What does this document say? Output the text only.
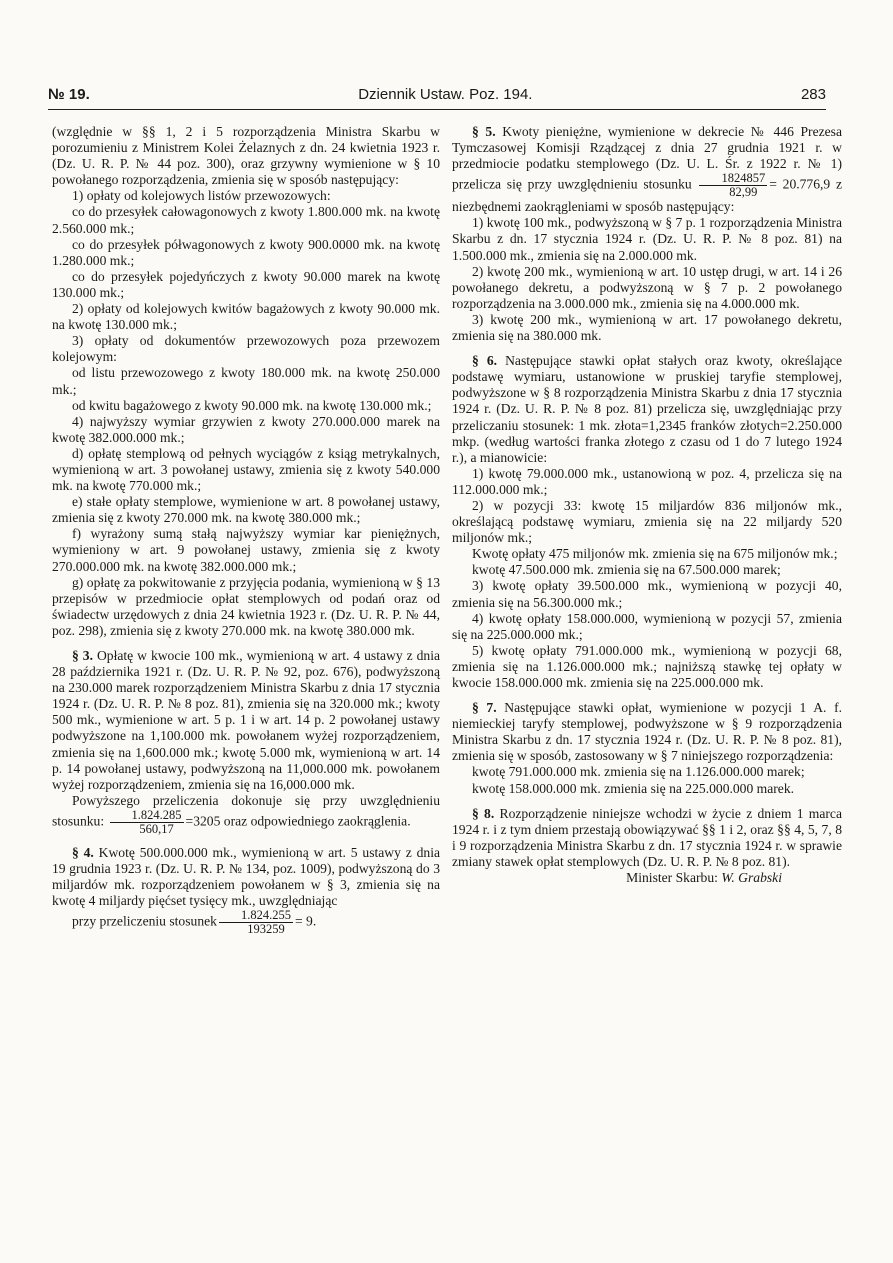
№ 19.	Dziennik Ustaw. Poz. 194.	283

(względnie w §§ 1, 2 i 5 rozporządzenia Ministra Skarbu w porozumieniu z Ministrem Kolei Żelaznych z dn. 24 kwietnia 1923 r. (Dz. U. R. P. № 44 poz. 300), oraz grzywny wymienione w § 10 powołanego rozporządzenia, zmienia się w sposób następujący:

1) opłaty od kolejowych listów przewozowych:

co do przesyłek całowagonowych z kwoty 1.800.000 mk. na kwotę 2.560.000 mk.;

co do przesyłek półwagonowych z kwoty 900.0000 mk. na kwotę 1.280.000 mk.;

co do przesyłek pojedyńczych z kwoty 90.000 marek na kwotę 130.000 mk.;

2) opłaty od kolejowych kwitów bagażowych z kwoty 90.000 mk. na kwotę 130.000 mk.;

3) opłaty od dokumentów przewozowych poza przewozem kolejowym:

od listu przewozowego z kwoty 180.000 mk. na kwotę 250.000 mk.;

od kwitu bagażowego z kwoty 90.000 mk. na kwotę 130.000 mk.;

4) najwyższy wymiar grzywien z kwoty 270.000.000 marek na kwotę 382.000.000 mk.;

d) opłatę stemplową od pełnych wyciągów z ksiąg metrykalnych, wymienioną w art. 3 powołanej ustawy, zmienia się z kwoty 540.000 mk. na kwotę 770.000 mk.;

e) stałe opłaty stemplowe, wymienione w art. 8 powołanej ustawy, zmienia się z kwoty 270.000 mk. na kwotę 380.000 mk.;

f) wyrażony sumą stałą najwyższy wymiar kar pieniężnych, wymieniony w art. 9 powołanej ustawy, zmienia się z kwoty 270.000.000 mk. na kwotę 382.000.000 mk.;

g) opłatę za pokwitowanie z przyjęcia podania, wymienioną w § 13 przepisów w przedmiocie opłat stemplowych od podań oraz od świadectw urzędowych z dnia 24 kwietnia 1923 r. (Dz. U. R. P. № 44, poz. 298), zmienia się z kwoty 270.000 mk. na kwotę 380.000 mk.

§ 3. Opłatę w kwocie 100 mk., wymienioną w art. 4 ustawy z dnia 28 października 1921 r. (Dz. U. R. P. № 92, poz. 676), podwyższoną na 230.000 marek rozporządzeniem Ministra Skarbu z dnia 17 stycznia 1924 r. (Dz. U. R. P. № 8 poz. 81), zmienia się na 320.000 mk.; kwoty 500 mk., wymienione w art. 5 p. 1 i w art. 14 p. 2 powołanej ustawy podwyższone na 1,100.000 mk. powołanem wyżej rozporządzeniem, zmienia się na 1,600.000 mk.; kwotę 5.000 mk, wymienioną w art. 14 p. 14 powołanej ustawy, podwyższoną na 11,000.000 mk. powołanem wyżej rozporządzeniem, zmienia się na 16,000.000 mk.

Powyższego przeliczenia dokonuje się przy uwzględnieniu stosunku: $\frac{1.824.285}{560,17} =3205$ oraz odpowiedniego zaokrąglenia.

§ 4. Kwotę 500.000.000 mk., wymienioną w art. 5 ustawy z dnia 19 grudnia 1923 r. (Dz. U. R. P. № 134, poz. 1009), podwyższoną do 3 miljardów mk. rozporządzeniem powołanem w § 3, zmienia się na kwotę 4 miljardy pięćset tysięcy mk., uwzględniając

przy przeliczeniu stosunek $\frac{1.824.255}{193259} = 9$.

§ 5. Kwoty pieniężne, wymienione w dekrecie № 446 Prezesa Tymczasowej Komisji Rządzącej z dnia 27 grudnia 1921 r. w przedmiocie podatku stemplowego (Dz. U. L. Śr. z 1922 r. № 1) przelicza się przy uwzględnieniu stosunku $\frac{1824857}{82,99} = 20.776,9$ z niezbędnemi zaokrągleniami w sposób następujący:

1) kwotę 100 mk., podwyższoną w § 7 p. 1 rozporządzenia Ministra Skarbu z dn. 17 stycznia 1924 r. (Dz. U. R. P. № 8 poz. 81) na 1.500.000 mk., zmienia się na 2.000.000 mk.

2) kwotę 200 mk., wymienioną w art. 10 ustęp drugi, w art. 14 i 26 powołanego dekretu, a podwyższoną w § 7 p. 2 powołanego rozporządzenia na 3.000.000 mk., zmienia się na 4.000.000 mk.

3) kwotę 200 mk., wymienioną w art. 17 powołanego dekretu, zmienia się na 380.000 mk.

§ 6. Następujące stawki opłat stałych oraz kwoty, określające podstawę wymiaru, ustanowione w pruskiej taryfie stemplowej, podwyższone w § 8 rozporządzenia Ministra Skarbu z dnia 17 stycznia 1924 r. (Dz. U. R. P. № 8 poz. 81) przelicza się, uwzględniając przy przeliczaniu stosunek: 1 mk. złota=1,2345 franków złotych=2.250.000 mkp. (według wartości franka złotego z czasu od 1 do 7 lutego 1924 r.), a mianowicie:

1) kwotę 79.000.000 mk., ustanowioną w poz. 4, przelicza się na 112.000.000 mk.;

2) w pozycji 33: kwotę 15 miljardów 836 miljonów mk., określającą podstawę wymiaru, zmienia się na 22 miljardy 520 miljonów mk.;

Kwotę opłaty 475 miljonów mk. zmienia się na 675 miljonów mk.;

kwotę 47.500.000 mk. zmienia się na 67.500.000 marek;

3) kwotę opłaty 39.500.000 mk., wymienioną w pozycji 40, zmienia się na 56.300.000 mk.;

4) kwotę opłaty 158.000.000, wymienioną w pozycji 57, zmienia się na 225.000.000 mk.;

5) kwotę opłaty 791.000.000 mk., wymienioną w pozycji 68, zmienia się na 1.126.000.000 mk.; najniższą stawkę tej opłaty w kwocie 158.000.000 mk. zmienia się na 225.000.000 mk.

§ 7. Następujące stawki opłat, wymienione w pozycji 1 A. f. niemieckiej taryfy stemplowej, podwyższone w § 9 rozporządzenia Ministra Skarbu z dn. 17 stycznia 1924 r. (Dz. U. R. P. № 8 poz. 81), zmienia się w sposób, zastosowany w § 7 niniejszego rozporządzenia:

kwotę 791.000.000 mk. zmienia się na 1.126.000.000 marek;

kwotę 158.000.000 mk. zmienia się na 225.000.000 marek.

§ 8. Rozporządzenie niniejsze wchodzi w życie z dniem 1 marca 1924 r. i z tym dniem przestają obowiązywać §§ 1 i 2, oraz §§ 4, 5, 7, 8 i 9 rozporządzenia Ministra Skarbu z dn. 17 stycznia 1924 r. w sprawie zmiany stawek opłat stemplowych (Dz. U. R. P. № 8 poz. 81).

Minister Skarbu: W. Grabski
